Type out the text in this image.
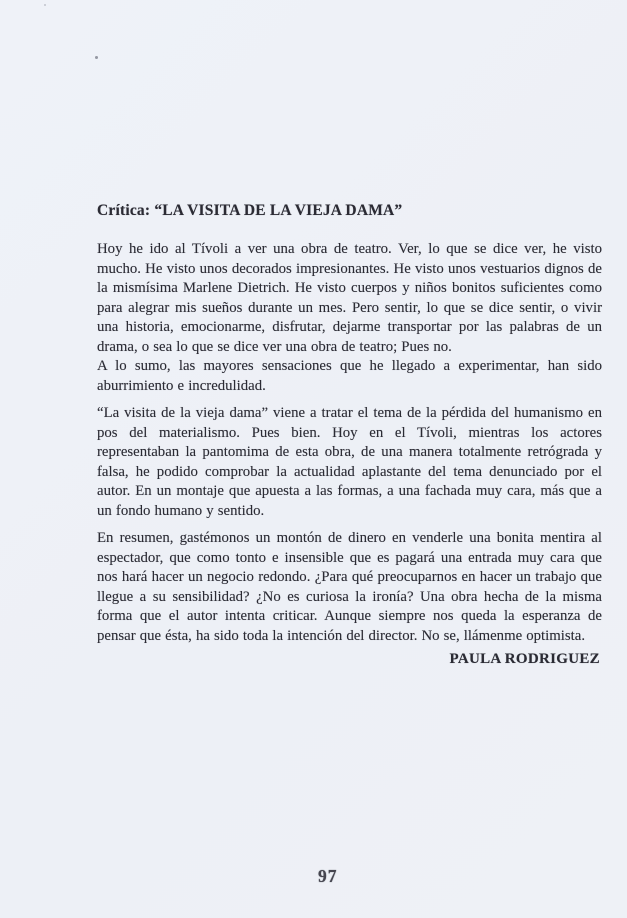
Crítica: “LA VISITA DE LA VIEJA DAMA”

Hoy he ido al Tívoli a ver una obra de teatro. Ver, lo que se dice ver, he visto mucho. He visto unos decorados impresionantes. He visto unos vestuarios dignos de la mismísima Marlene Dietrich. He visto cuerpos y niños bonitos suficientes como para alegrar mis sueños durante un mes. Pero sentir, lo que se dice sentir, o vivir una historia, emocionarme, disfrutar, dejarme transportar por las palabras de un drama, o sea lo que se dice ver una obra de teatro; Pues no.

A lo sumo, las mayores sensaciones que he llegado a experimentar, han sido aburrimiento e incredulidad.

“La visita de la vieja dama” viene a tratar el tema de la pérdida del humanismo en pos del materialismo. Pues bien. Hoy en el Tívoli, mientras los actores representaban la pantomima de esta obra, de una manera totalmente retrógrada y falsa, he podido comprobar la actualidad aplastante del tema denunciado por el autor. En un montaje que apuesta a las formas, a una fachada muy cara, más que a un fondo humano y sentido.

En resumen, gastémonos un montón de dinero en venderle una bonita mentira al espectador, que como tonto e insensible que es pagará una entrada muy cara que nos hará hacer un negocio redondo. ¿Para qué preocuparnos en hacer un trabajo que llegue a su sensibilidad? ¿No es curiosa la ironía? Una obra hecha de la misma forma que el autor intenta criticar. Aunque siempre nos queda la esperanza de pensar que ésta, ha sido toda la intención del director. No se, llámenme optimista.

PAULA RODRIGUEZ

97
